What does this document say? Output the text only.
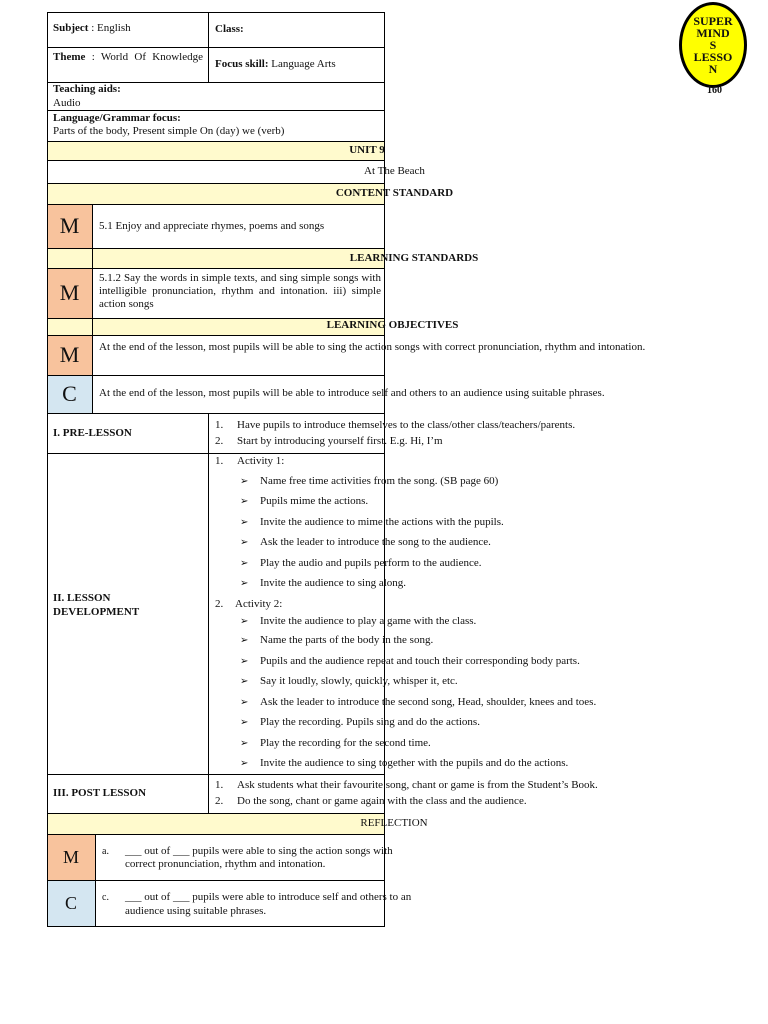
SUPER
MIND
S
LESSO
N
160
M
M
M
C
M
C
Subject : English	Class:
Theme : World Of Knowledge
Focus skill: Language Arts
Teaching aids:
Audio
Language/Grammar focus:
Parts of the body, Present simple On (day) we (verb)
UNIT 9
At The Beach
CONTENT STANDARD
5.1 Enjoy and appreciate rhymes, poems and songs
LEARNING STANDARDS
5.1.2 Say the words in simple texts, and sing simple songs with intelligible pronunciation, rhythm and intonation. iii) simple action songs
LEARNING OBJECTIVES
At the end of the lesson, most pupils will be able to sing the action songs with correct pronunciation, rhythm and intonation.
At the end of the lesson, most pupils will be able to introduce self and others to an audience using suitable phrases.
I. PRE-LESSON
1. Have pupils to introduce themselves to the class/other class/teachers/parents.
2. Start by introducing yourself first. E.g. Hi, I’m
II. LESSON
DEVELOPMENT
1. Activity 1:
➢ Name free time activities from the song. (SB page 60)
➢ Pupils mime the actions.
➢ Invite the audience to mime the actions with the pupils.
➢ Ask the leader to introduce the song to the audience.
➢ Play the audio and pupils perform to the audience.
➢ Invite the audience to sing along.
2. Activity 2:
➢ Invite the audience to play a game with the class.
➢ Name the parts of the body in the song.
➢ Pupils and the audience repeat and touch their corresponding body parts.
➢ Say it loudly, slowly, quickly, whisper it, etc.
➢ Ask the leader to introduce the second song, Head, shoulder, knees and toes.
➢ Play the recording. Pupils sing and do the actions.
➢ Play the recording for the second time.
➢ Invite the audience to sing together with the pupils and do the actions.
III. POST LESSON
1. Ask students what their favourite song, chant or game is from the Student’s Book.
2. Do the song, chant or game again with the class and the audience.
REFLECTION
a. ___ out of ___ pupils were able to sing the action songs with
correct pronunciation, rhythm and intonation.
c. ___ out of ___ pupils were able to introduce self and others to an
audience using suitable phrases.
